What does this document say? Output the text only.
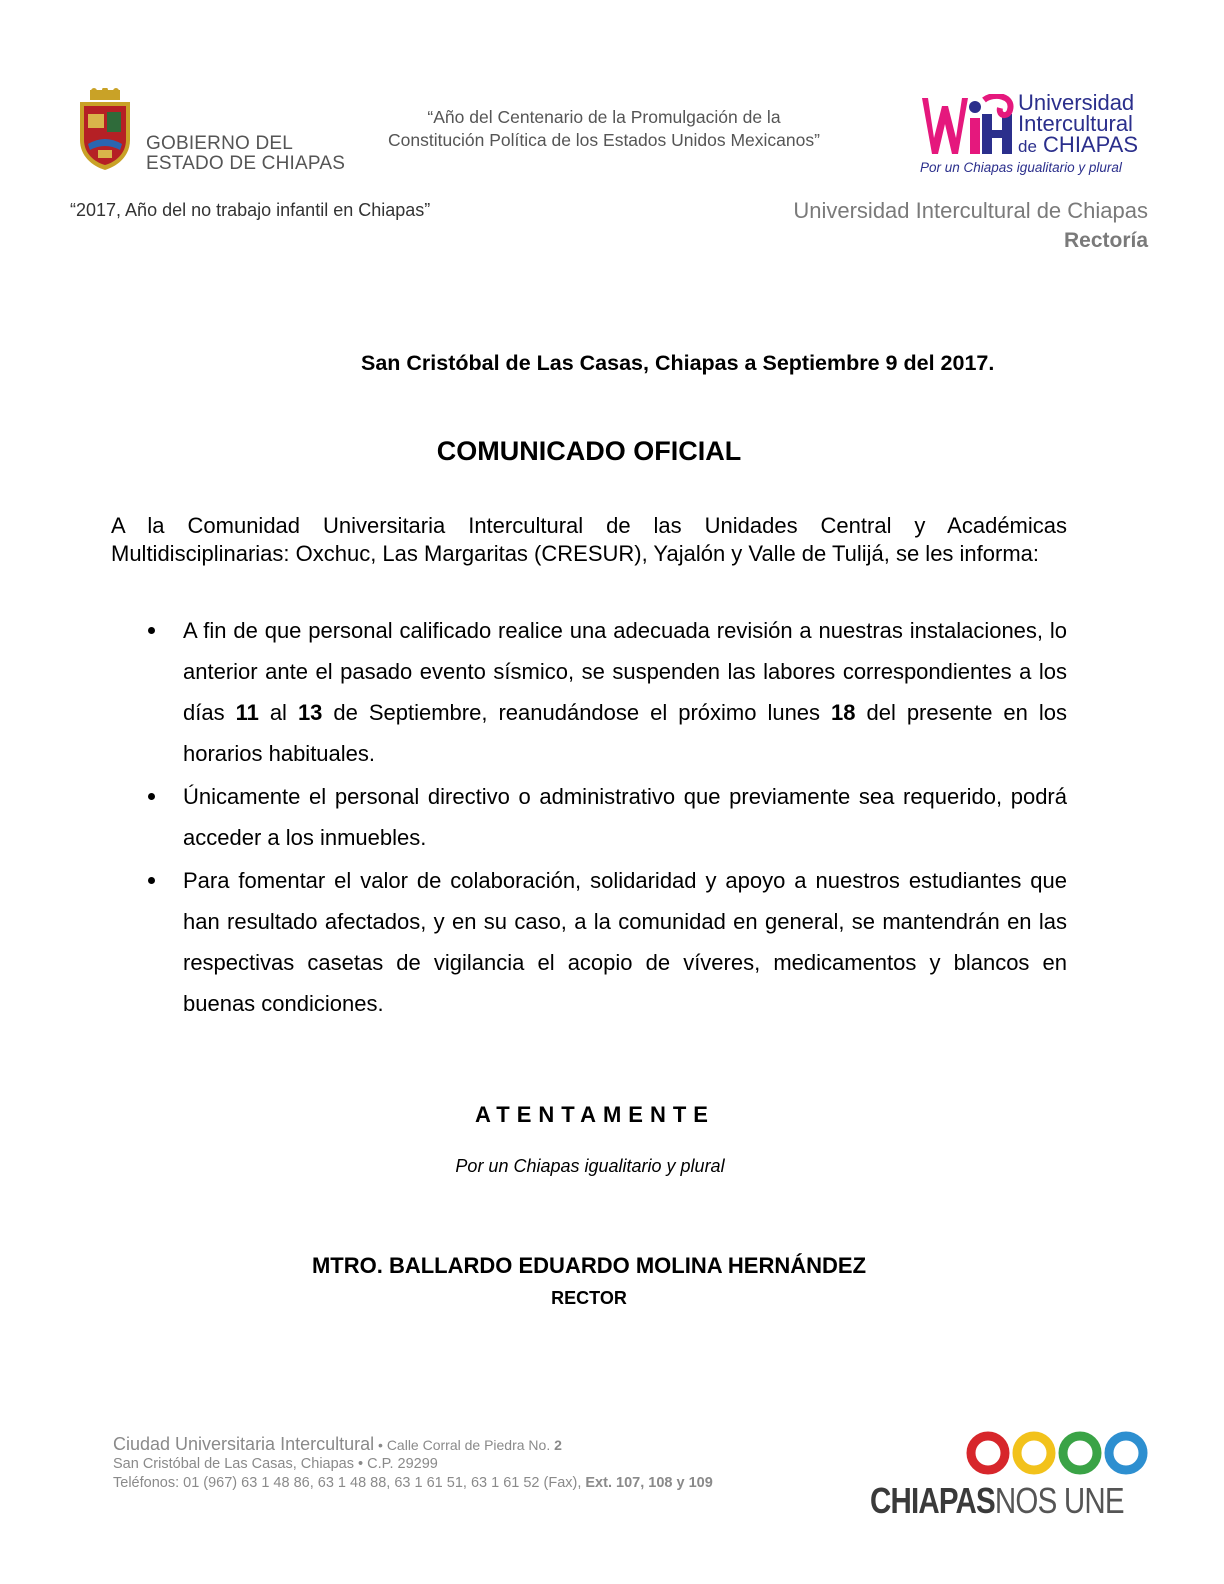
GOBIERNO DEL
ESTADO DE CHIAPAS
“Año del Centenario de la Promulgación de la
Constitución Política de los Estados Unidos Mexicanos”
Universidad
Intercultural
de CHIAPAS
Por un Chiapas igualitario y plural
“2017, Año del no trabajo infantil en Chiapas”	Universidad Intercultural de Chiapas
Rectoría
San Cristóbal de Las Casas, Chiapas a Septiembre 9 del 2017.
COMUNICADO OFICIAL
A la Comunidad Universitaria Intercultural de las Unidades Central y Académicas Multidisciplinarias: Oxchuc, Las Margaritas (CRESUR), Yajalón y Valle de Tulijá, se les informa:
A fin de que personal calificado realice una adecuada revisión a nuestras instalaciones, lo anterior ante el pasado evento sísmico, se suspenden las labores correspondientes a los días 11 al 13 de Septiembre, reanudándose el próximo lunes 18 del presente en los horarios habituales.
Únicamente el personal directivo o administrativo que previamente sea requerido, podrá acceder a los inmuebles.
Para fomentar el valor de colaboración, solidaridad y apoyo a nuestros estudiantes que han resultado afectados, y en su caso, a la comunidad en general, se mantendrán en las respectivas casetas de vigilancia el acopio de víveres, medicamentos y blancos en buenas condiciones.
ATENTAMENTE
Por un Chiapas igualitario y plural
MTRO. BALLARDO EDUARDO MOLINA HERNÁNDEZ
RECTOR
Ciudad Universitaria Intercultural • Calle Corral de Piedra No. 2
San Cristóbal de Las Casas, Chiapas • C.P. 29299
Teléfonos: 01 (967) 63 1 48 86, 63 1 48 88, 63 1 61 51, 63 1 61 52 (Fax), Ext. 107, 108 y 109	CHIAPASNOS UNE
